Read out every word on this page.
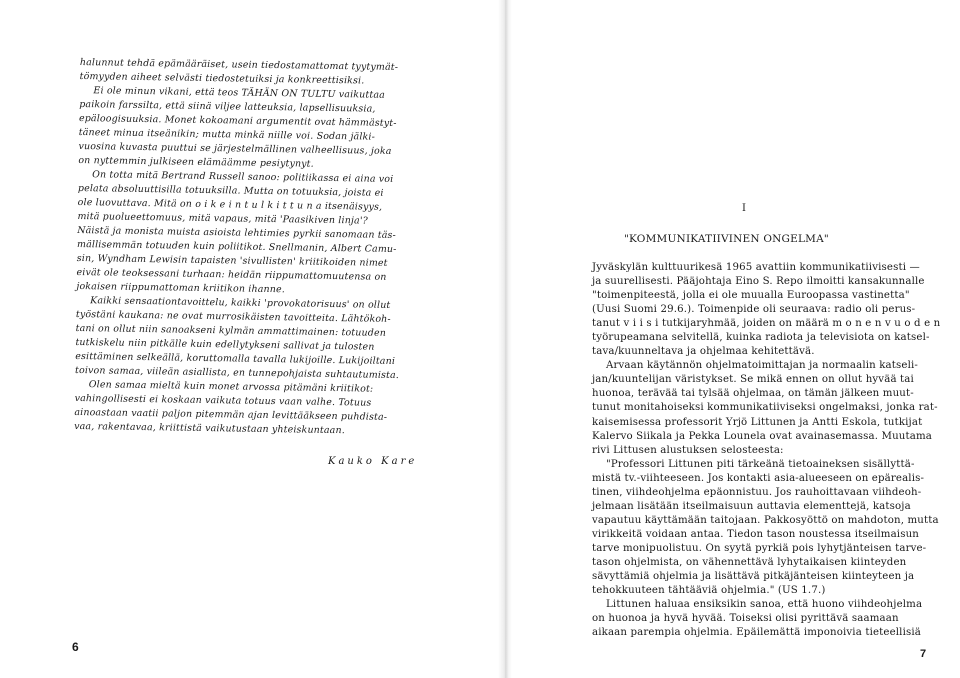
halunnut tehdä epämääräiset, usein tiedostamattomat tyytymät-
tömyyden aiheet selvästi tiedostetuiksi ja konkreettisiksi.
Ei ole minun vikani, että teos TÄHÄN ON TULTU vaikuttaa
paikoin farssilta, että siinä viljee latteuksia, lapsellisuuksia,
epäloogisuuksia. Monet kokoamani argumentit ovat hämmästyt-
täneet minua itseänikin; mutta minkä niille voi. Sodan jälki-
vuosina kuvasta puuttui se järjestelmällinen valheellisuus, joka
on nyttemmin julkiseen elämäämme pesiytynyt.
On totta mitä Bertrand Russell sanoo: politiikassa ei aina voi
pelata absoluuttisilla totuuksilla. Mutta on totuuksia, joista ei
ole luovuttava. Mitä on o i k e i n t u l k i t t u n a itsenäisyys,
mitä puolueettomuus, mitä vapaus, mitä 'Paasikiven linja'?
Näistä ja monista muista asioista lehtimies pyrkii sanomaan täs-
mällisemmän totuuden kuin poliitikot. Snellmanin, Albert Camu-
sin, Wyndham Lewisin tapaisten 'sivullisten' kriitikoiden nimet
eivät ole teoksessani turhaan: heidän riippumattomuutensa on
jokaisen riippumattoman kriitikon ihanne.
Kaikki sensaationtavoittelu, kaikki 'provokatorisuus' on ollut
työstäni kaukana: ne ovat murrosikäisten tavoitteita. Lähtökoh-
tani on ollut niin sanoakseni kylmän ammattimainen: totuuden
tutkiskelu niin pitkälle kuin edellytykseni sallivat ja tulosten
esittäminen selkeällä, koruttomalla tavalla lukijoille. Lukijoiltani
toivon samaa, viileän asiallista, en tunnepohjaista suhtautumista.
Olen samaa mieltä kuin monet arvossa pitämäni kriitikot:
vahingollisesti ei koskaan vaikuta totuus vaan valhe. Totuus
ainoastaan vaatii paljon pitemmän ajan levittääkseen puhdista-
vaa, rakentavaa, kriittistä vaikutustaan yhteiskuntaan.
Kauko Kare
6
I
"KOMMUNIKATIIVINEN ONGELMA"
Jyväskylän kulttuurikesä 1965 avattiin kommunikatiivisesti —
ja suurellisesti. Pääjohtaja Eino S. Repo ilmoitti kansakunnalle
"toimenpiteestä, jolla ei ole muualla Euroopassa vastinetta"
(Uusi Suomi 29.6.). Toimenpide oli seuraava: radio oli perus-
tanut v i i s i tutkijaryhmää, joiden on määrä m o n e n v u o d e n
työrupeamana selvitellä, kuinka radiota ja televisiota on katsel-
tava/kuunneltava ja ohjelmaa kehitettävä.
Arvaan käytännön ohjelmatoimittajan ja normaalin katseli-
jan/kuuntelijan väristykset. Se mikä ennen on ollut hyvää tai
huonoa, terävää tai tylsää ohjelmaa, on tämän jälkeen muut-
tunut monitahoiseksi kommunikatiiviseksi ongelmaksi, jonka rat-
kaisemisessa professorit Yrjö Littunen ja Antti Eskola, tutkijat
Kalervo Siikala ja Pekka Lounela ovat avainasemassa. Muutama
rivi Littusen alustuksen selosteesta:
"Professori Littunen piti tärkeänä tietoaineksen sisällyttä-
mistä tv.-viihteeseen. Jos kontakti asia-alueeseen on epärealis-
tinen, viihdeohjelma epäonnistuu. Jos rauhoittavaan viihdeoh-
jelmaan lisätään itseilmaisuun auttavia elementtejä, katsoja
vapautuu käyttämään taitojaan. Pakkosyöttö on mahdoton, mutta
virikkeitä voidaan antaa. Tiedon tason noustessa itseilmaisun
tarve monipuolistuu. On syytä pyrkiä pois lyhytjänteisen tarve-
tason ohjelmista, on vähennettävä lyhytaikaisen kiinteyden
sävyttämiä ohjelmia ja lisättävä pitkäjänteisen kiinteyteen ja
tehokkuuteen tähtääviä ohjelmia." (US 1.7.)
Littunen haluaa ensiksikin sanoa, että huono viihdeohjelma
on huonoa ja hyvä hyvää. Toiseksi olisi pyrittävä saamaan
aikaan parempia ohjelmia. Epäilemättä imponoivia tieteellisiä
7
